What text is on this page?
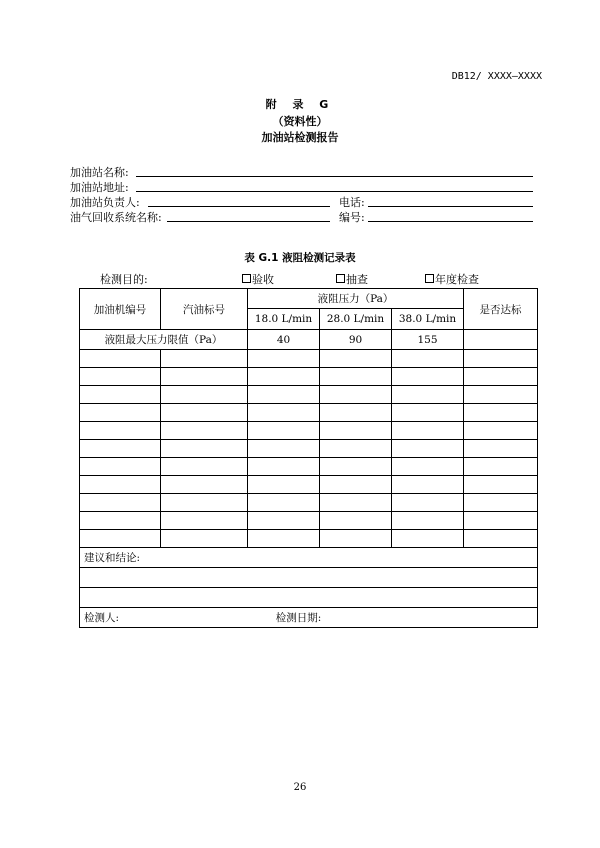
DB12/ XXXX—XXXX
附 录 G
（资料性）
加油站检测报告
加油站名称:
加油站地址:
加油站负责人:	电话:
油气回收系统名称:	编号:
表 G.1 液阻检测记录表
检测目的:	验收	抽查	年度检查
加油机编号	汽油标号	液阻压力（Pa）			是否达标
		18.0 L/min	28.0 L/min	38.0 L/min	
液阻最大压力限值（Pa）		40	90	155	

建议和结论:					

检测人: 检测日期:					
26
